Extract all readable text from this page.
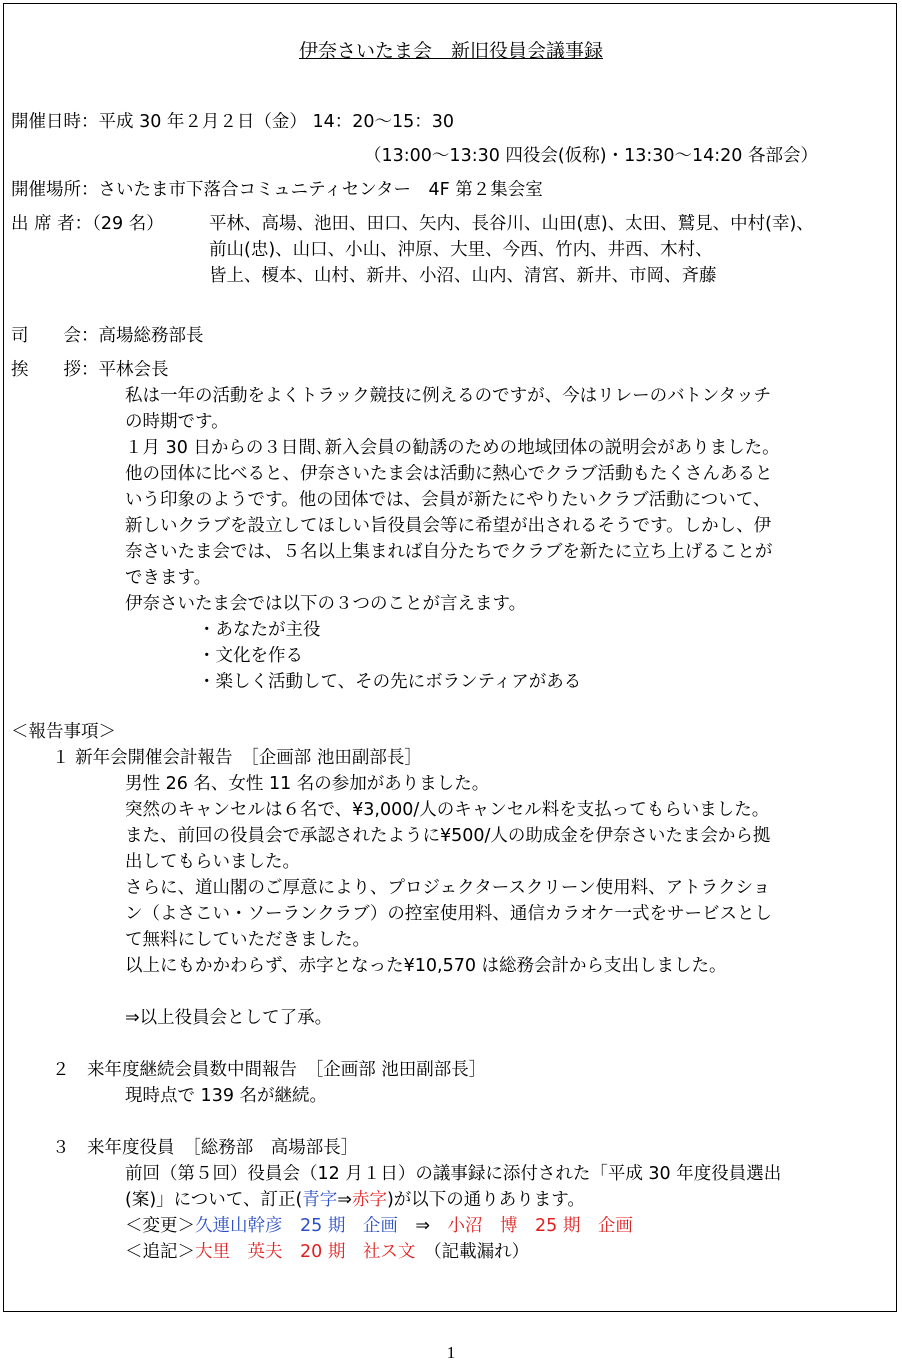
伊奈さいたま会　新旧役員会議事録
開催日時：平成 30 年２月２日（金） 14：20～15：30
（13:00～13:30 四役会(仮称)・13:30～14:20 各部会）
開催場所：さいたま市下落合コミュニティセンター　4F 第２集会室
出 席 者：（29 名）	平林、高場、池田、田口、矢内、長谷川、山田(恵)、太田、鷲見、中村(幸)、
前山(忠)、山口、小山、沖原、大里、今西、竹内、井西、木村、
皆上、榎本、山村、新井、小沼、山内、清宮、新井、市岡、斉藤
司　　会：高場総務部長
挨　　拶：平林会長
私は一年の活動をよくトラック競技に例えるのですが、今はリレーのバトンタッチ
の時期です。
１月 30 日からの３日間､新入会員の勧誘のための地域団体の説明会がありました。
他の団体に比べると、伊奈さいたま会は活動に熱心でクラブ活動もたくさんあると
いう印象のようです。他の団体では、会員が新たにやりたいクラブ活動について、
新しいクラブを設立してほしい旨役員会等に希望が出されるそうです。しかし、伊
奈さいたま会では、５名以上集まれば自分たちでクラブを新たに立ち上げることが
できます。
伊奈さいたま会では以下の３つのことが言えます。
・あなたが主役
・文化を作る
・楽しく活動して、その先にボランティアがある
＜報告事項＞
１ 新年会開催会計報告　［企画部 池田副部長］
男性 26 名、女性 11 名の参加がありました。
突然のキャンセルは６名で、¥3,000/人のキャンセル料を支払ってもらいました。
また、前回の役員会で承認されたように¥500/人の助成金を伊奈さいたま会から拠
出してもらいました。
さらに、道山閣のご厚意により、プロジェクタースクリーン使用料、アトラクショ
ン（よさこい・ソーランクラブ）の控室使用料、通信カラオケ一式をサービスとし
て無料にしていただきました。
以上にもかかわらず、赤字となった¥10,570 は総務会計から支出しました。
⇒以上役員会として了承。
２　来年度継続会員数中間報告　［企画部 池田副部長］
現時点で 139 名が継続。
３　来年度役員　［総務部　高場部長］
前回（第５回）役員会（12 月１日）の議事録に添付された「平成 30 年度役員選出
(案)」について、訂正(青字⇒赤字)が以下の通りあります。
＜変更＞久連山幹彦　25 期　企画　⇒　小沼　博　25 期　企画
＜追記＞大里　英夫　20 期　社ス文　（記載漏れ）
1
